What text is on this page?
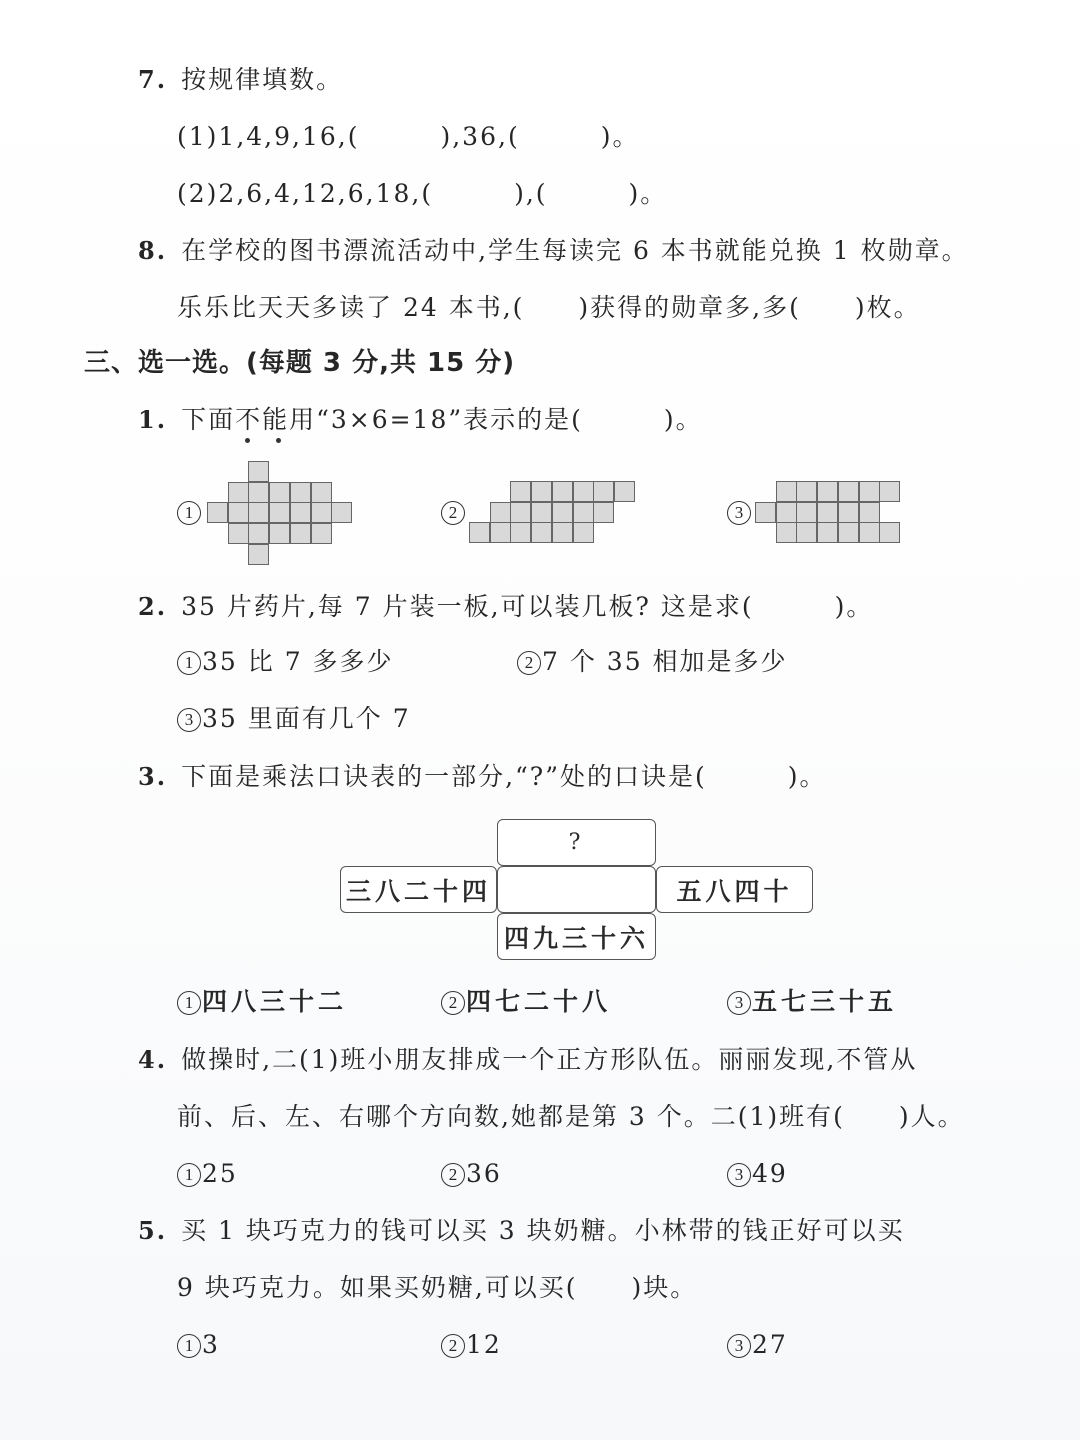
7. 按规律填数。
(1)1,4,9,16,(　　　),36,(　　　)。
(2)2,6,4,12,6,18,(　　　),(　　　)。
8. 在学校的图书漂流活动中,学生每读完 6 本书就能兑换 1 枚勋章。
乐乐比天天多读了 24 本书,(　　)获得的勋章多,多(　　)枚。
三、选一选。(每题 3 分,共 15 分)
1. 下面不能用“3×6=18”表示的是(　　　)。
1	2	3
2. 35 片药片,每 7 片装一板,可以装几板? 这是求(　　　)。
1 35 比 7 多多少	2 7 个 35 相加是多少
3 35 里面有几个 7
3. 下面是乘法口诀表的一部分,“?”处的口诀是(　　　)。
?
三八二十四	五八四十
四九三十六
1 四八三十二	2 四七二十八	3 五七三十五
4. 做操时,二(1)班小朋友排成一个正方形队伍。丽丽发现,不管从
前、后、左、右哪个方向数,她都是第 3 个。二(1)班有(　　)人。
1 25	2 36	3 49
5. 买 1 块巧克力的钱可以买 3 块奶糖。小林带的钱正好可以买
9 块巧克力。如果买奶糖,可以买(　　)块。
1 3	2 12	3 27
